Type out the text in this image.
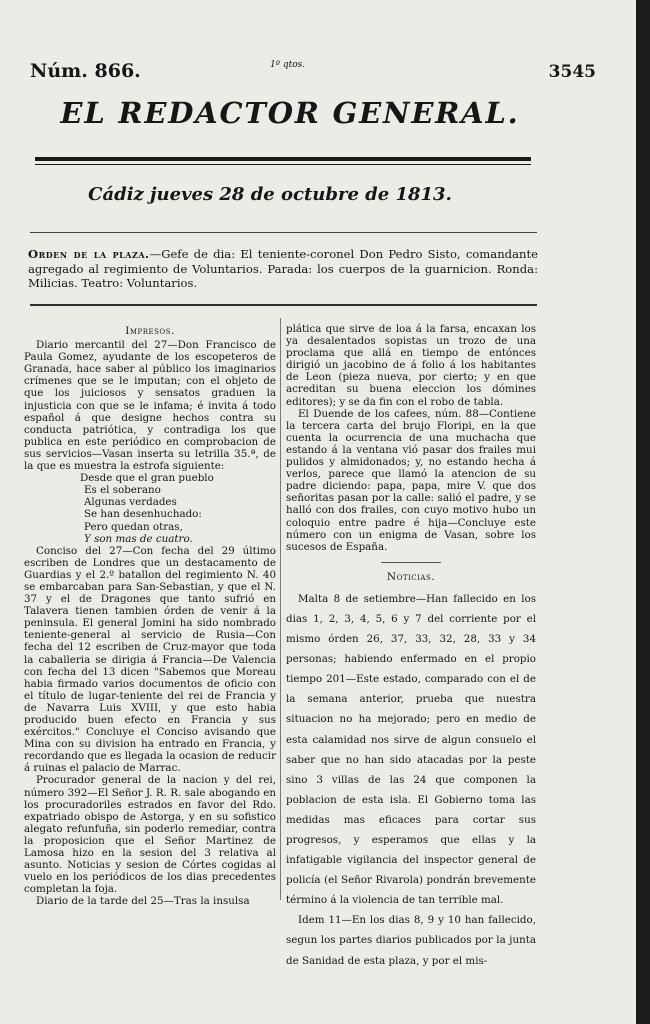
Núm. 866.	1º qtos.	3545
EL REDACTOR GENERAL.
Cádiz jueves 28 de octubre de 1813.
Orden de la plaza.—Gefe de dia: El teniente-coronel Don Pedro Sisto, comandante agregado al regimiento de Voluntarios. Parada: los cuerpos de la guarnicion. Ronda: Milicias. Teatro: Voluntarios.

Impresos.

Diario mercantil del 27—Don Francisco de Paula Gomez, ayudante de los escopeteros de Granada, hace saber al público los imaginarios crímenes que se le imputan; con el objeto de que los juiciosos y sensatos graduen la injusticia con que se le infama; é invita á todo español á que designe hechos contra su conducta patriótica, y contradiga los que publica en este periódico en comprobacion de sus servicios—Vasan inserta su letrilla 35.ª, de la que es muestra la estrofa siguiente:

Desde que el gran pueblo

Es el soberano

Algunas verdades

Se han desenhuchado:

Pero quedan otras,

Y son mas de cuatro.

Conciso del 27—Con fecha del 29 último escriben de Londres que un destacamento de Guardias y el 2.º batallon del regimiento N. 40 se embarcaban para San-Sebastian, y que el N. 37 y el de Dragones que tanto sufrió en Talavera tienen tambien órden de venir á la peninsula. El general Jomini ha sido nombrado teniente-general al servicio de Rusia—Con fecha del 12 escriben de Cruz-mayor que toda la caballeria se dirigia á Francia—De Valencia con fecha del 13 dicen "Sabemos que Moreau habia firmado varios documentos de oficio con el título de lugar-teniente del rei de Francia y de Navarra Luis XVIII, y que esto habia producido buen efecto en Francia y sus exércitos." Concluye el Conciso avisando que Mina con su division ha entrado en Francia, y recordando que es llegada la ocasion de reducir á ruinas el palacio de Marrac.

Procurador general de la nacion y del rei, número 392—El Señor J. R. R. sale abogando en los procuradoriles estrados en favor del Rdo. expatriado obispo de Astorga, y en su sofistico alegato refunfuña, sin poderlo remediar, contra la proposicion que el Señor Martinez de Lamosa hizo en la sesion del 3 relativa al asunto. Noticias y sesion de Córtes cogidas al vuelo en los periódicos de los dias precedentes completan la foja.

Diario de la tarde del 25—Tras la insulsa

plática que sirve de loa á la farsa, encaxan los ya desalentados sopistas un trozo de una proclama que allá en tiempo de entónces dirigió un jacobino de á folio á los habitantes de Leon (pieza nueva, por cierto; y en que acreditan su buena eleccion los dómines editores); y se da fin con el robo de tabla.

El Duende de los cafees, núm. 88—Contiene la tercera carta del brujo Floripi, en la que cuenta la ocurrencia de una muchacha que estando á la ventana vió pasar dos frailes mui pulidos y almidonados; y, no estando hecha á verlos, parece que llamó la atencion de su padre diciendo: papa, papa, mire V. que dos señoritas pasan por la calle: salió el padre, y se halló con dos frailes, con cuyo motivo hubo un coloquio entre padre é hija—Concluye este número con un enigma de Vasan, sobre los sucesos de España.

Noticias.

Malta 8 de setiembre—Han fallecido en los dias 1, 2, 3, 4, 5, 6 y 7 del corriente por el mismo órden 26, 37, 33, 32, 28, 33 y 34 personas; habiendo enfermado en el propio tiempo 201—Este estado, comparado con el de la semana anterior, prueba que nuestra situacion no ha mejorado; pero en medio de esta calamidad nos sirve de algun consuelo el saber que no han sido atacadas por la peste sino 3 villas de las 24 que componen la poblacion de esta isla. El Gobierno toma las medidas mas eficaces para cortar sus progresos, y esperamos que ellas y la infatigable vigilancia del inspector general de policía (el Señor Rivarola) pondrán brevemente término á la violencia de tan terrible mal.

Idem 11—En los dias 8, 9 y 10 han fallecido, segun los partes diarios publicados por la junta de Sanidad de esta plaza, y por el mis-
